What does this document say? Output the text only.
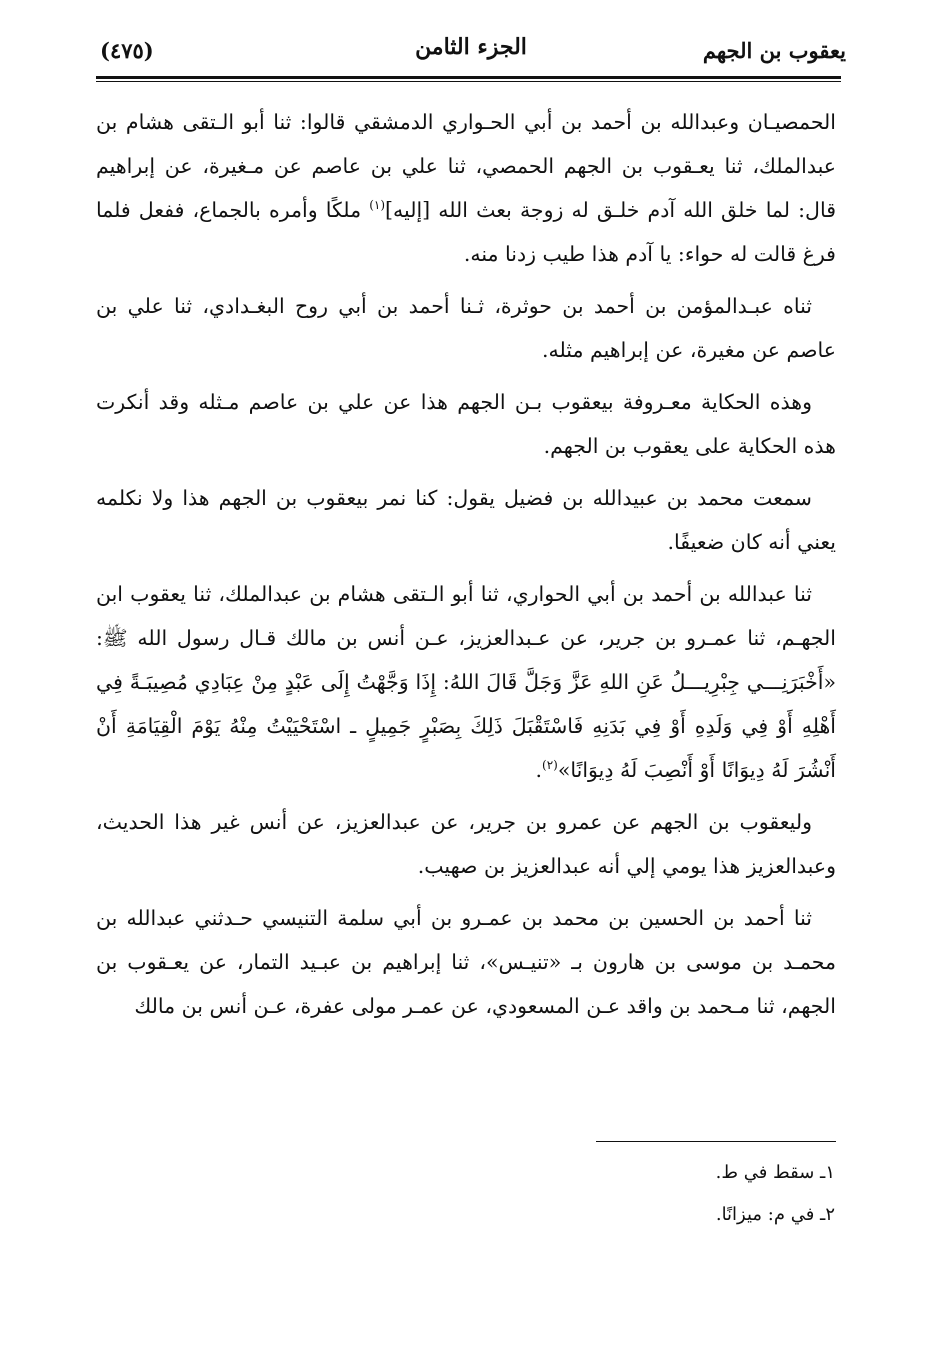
يعقوب بن الجهم
الجزء الثامن
(٤٧٥)

الحمصيـان وعبدالله بن أحمد بن أبي الحـواري الدمشقي قالوا: ثنا أبو الـتقى هشام بن عبدالملك، ثنا يعـقوب بن الجهم الحمصي، ثنا علي بن عاصم عن مـغيرة، عن إبراهيم قال: لما خلق الله آدم خلـق له زوجة بعث الله [إليه]$^{(١)}$ ملكًا وأمره بالجماع، ففعل فلما فرغ قالت له حواء: يا آدم هذا طيب زدنا منه.

ثناه عبـدالمؤمن بن أحمد بن حوثرة، ثـنا أحمد بن أبي روح البغـدادي، ثنا علي بن عاصم عن مغيرة، عن إبراهيم مثله.

وهذه الحكاية معـروفة بيعقوب بـن الجهم هذا عن علي بن عاصم مـثله وقد أنكرت هذه الحكاية على يعقوب بن الجهم.

سمعت محمد بن عبيدالله بن فضيل يقول: كنا نمر بيعقوب بن الجهم هذا ولا نكلمه يعني أنه كان ضعيفًا.

ثنا عبدالله بن أحمد بن أبي الحواري، ثنا أبو الـتقى هشام بن عبدالملك، ثنا يعقوب ابن الجهـم، ثنا عمـرو بن جرير، عن عـبدالعزيز، عـن أنس بن مالك قـال رسول الله ﷺ: «أَخْبَرَنِـــي جِبْرِيـــلُ عَنِ اللهِ عَزَّ وَجَلَّ قَالَ اللهُ: إِذَا وَجَّهْتُ إِلَى عَبْدٍ مِنْ عِبَادِي مُصِيبَـةً فِي أَهْلِهِ أَوْ فِي وَلَدِهِ أَوْ فِي بَدَنِهِ فَاسْتَقْبَلَ ذَلِكَ بِصَبْرٍ جَمِيلٍ ـ اسْتَحْيَيْتُ مِنْهُ يَوْمَ الْقِيَامَةِ أَنْ أَنْشُرَ لَهُ دِيوَانًا أَوْ أَنْصِبَ لَهُ دِيوَانًا»$^{(٢)}$.

وليعقوب بن الجهم عن عمرو بن جرير، عن عبدالعزيز، عن أنس غير هذا الحديث، وعبدالعزيز هذا يومي إلي أنه عبدالعزيز بن صهيب.

ثنا أحمد بن الحسين بن محمد بن عمـرو بن أبي سلمة التنيسي حـدثني عبدالله بن محمـد بن موسى بن هارون بـ «تنيـس»، ثنا إبراهيم بن عبـيد التمار، عن يعـقوب بن الجهم، ثنا مـحمد بن واقد عـن المسعودي، عن عمـر مولى عفرة، عـن أنس بن مالك

١ـ سقط في ط.

٢ـ في م: ميزانًا.
